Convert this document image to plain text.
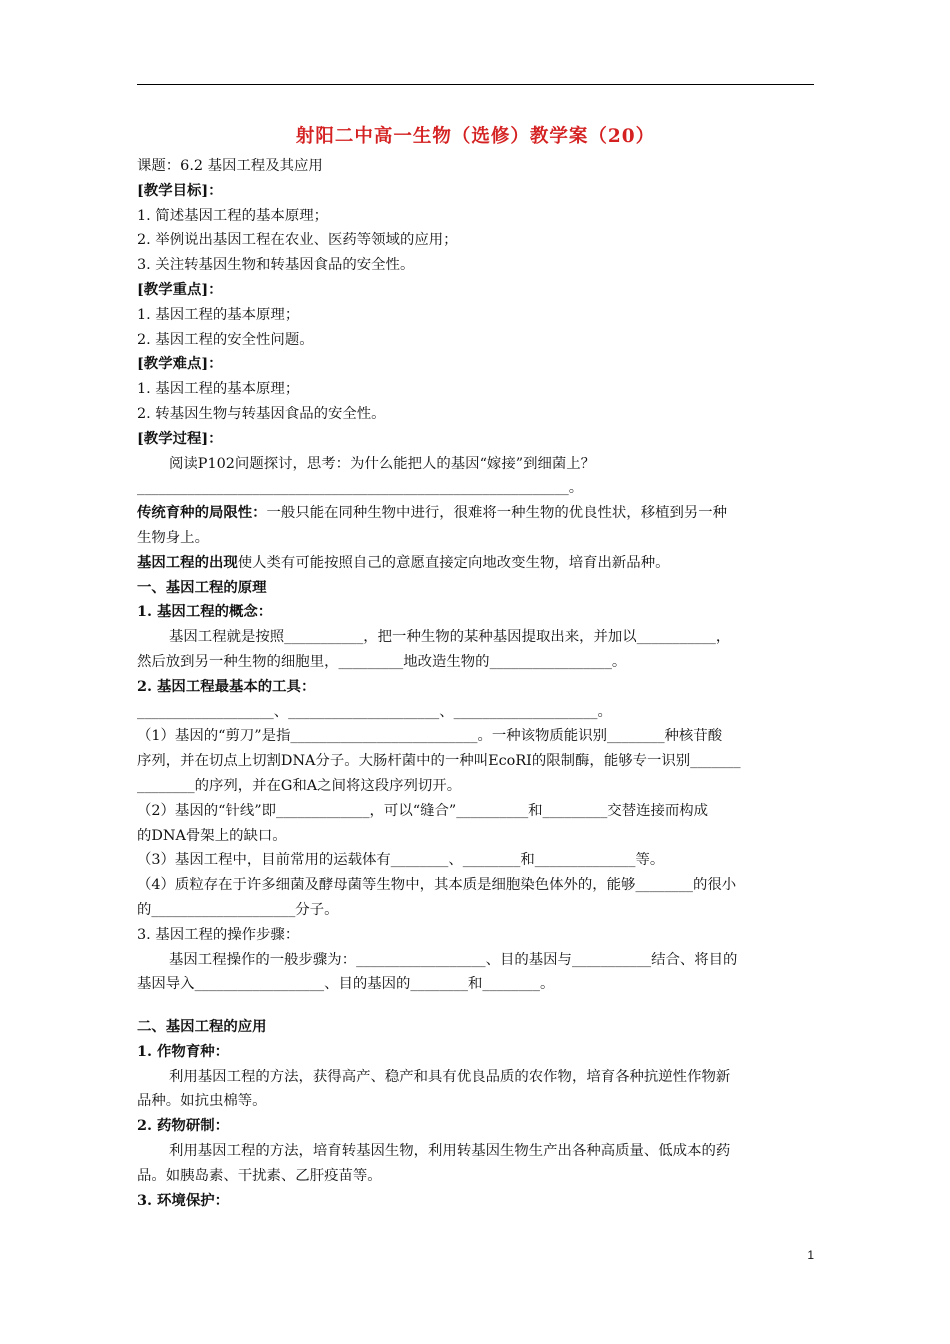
射阳二中高一生物（选修）教学案（20）
课题：6.2 基因工程及其应用
[教学目标]：
1. 简述基因工程的基本原理；
2. 举例说出基因工程在农业、医药等领域的应用；
3. 关注转基因生物和转基因食品的安全性。
[教学重点]：
1. 基因工程的基本原理；
2. 基因工程的安全性问题。
[教学难点]：
1. 基因工程的基本原理；
2. 转基因生物与转基因食品的安全性。
[教学过程]：
阅读P102问题探讨，思考：为什么能把人的基因“嫁接”到细菌上？
____________________________________________________________。
传统育种的局限性：一般只能在同种生物中进行，很难将一种生物的优良性状，移植到另一种
生物身上。
基因工程的出现使人类有可能按照自己的意愿直接定向地改变生物，培育出新品种。
一、基因工程的原理
1. 基因工程的概念：
基因工程就是按照___________，把一种生物的某种基因提取出来，并加以___________，
然后放到另一种生物的细胞里，_________地改造生物的_________________。
2. 基因工程最基本的工具：
___________________、_____________________、____________________。
（1）基因的“剪刀”是指__________________________。一种该物质能识别________种核苷酸
序列，并在切点上切割DNA分子。大肠杆菌中的一种叫EcoRI的限制酶，能够专一识别_______
________的序列，并在G和A之间将这段序列切开。
（2）基因的“针线”即_____________，可以“缝合”__________和_________交替连接而构成
的DNA骨架上的缺口。
（3）基因工程中，目前常用的运载体有________、________和______________等。
（4）质粒存在于许多细菌及酵母菌等生物中，其本质是细胞染色体外的，能够________的很小
的____________________分子。
3. 基因工程的操作步骤：
基因工程操作的一般步骤为：__________________、目的基因与___________结合、将目的
基因导入__________________、目的基因的________和________。
二、基因工程的应用
1. 作物育种：
利用基因工程的方法，获得高产、稳产和具有优良品质的农作物，培育各种抗逆性作物新
品种。如抗虫棉等。
2. 药物研制：
利用基因工程的方法，培育转基因生物，利用转基因生物生产出各种高质量、低成本的药
品。如胰岛素、干扰素、乙肝疫苗等。
3. 环境保护：
1
